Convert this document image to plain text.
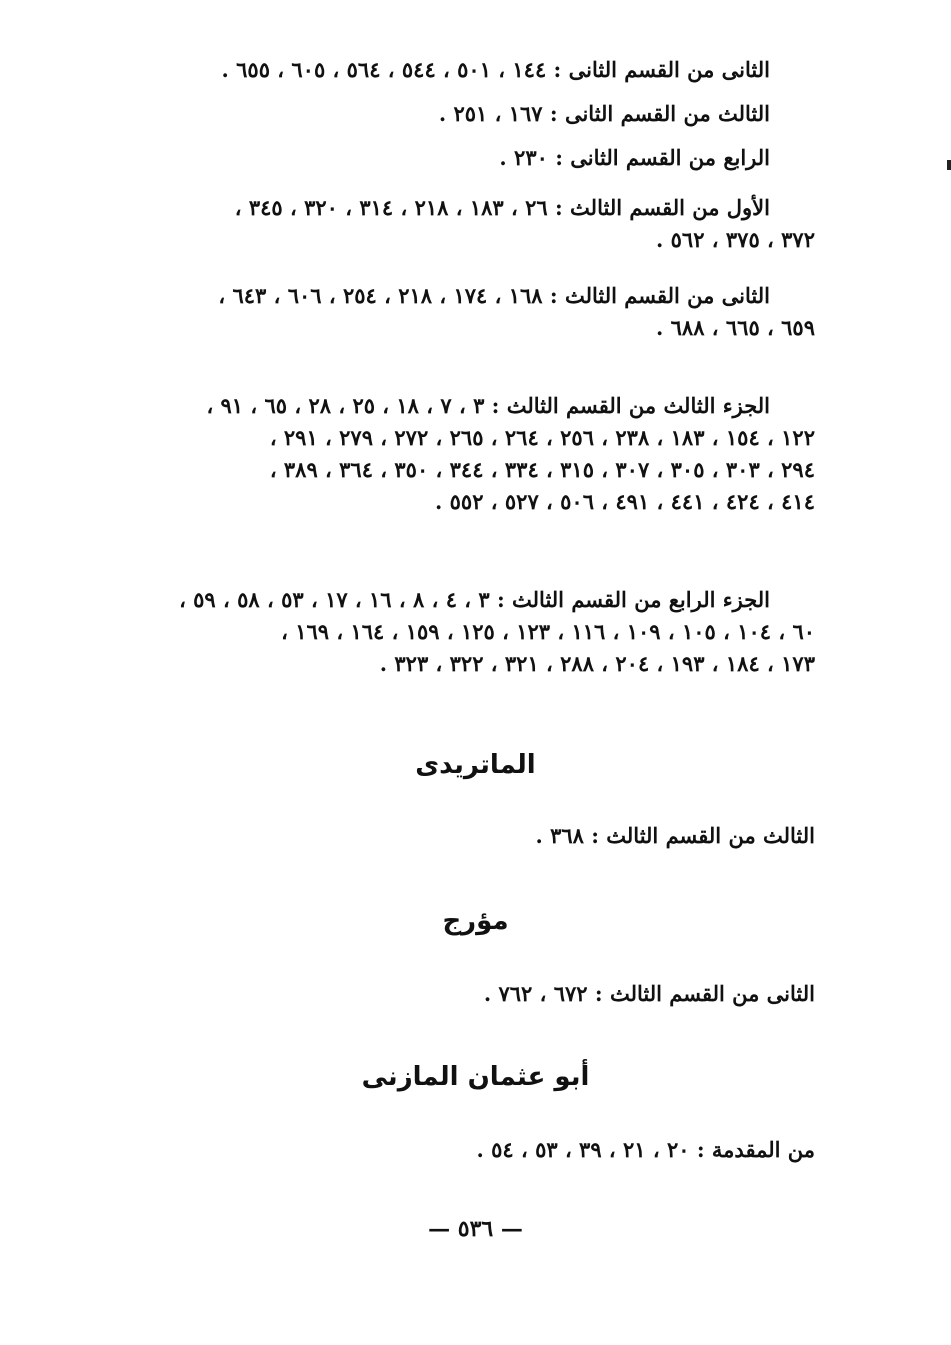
الثانى من القسم الثانى : ١٤٤ ، ٥٠١ ، ٥٤٤ ، ٥٦٤ ، ٦٠٥ ، ٦٥٥ .
الثالث من القسم الثانى : ١٦٧ ، ٢٥١ .
الرابع من القسم الثانى : ٢٣٠ .
الأول من القسم الثالث : ٢٦ ، ١٨٣ ، ٢١٨ ، ٣١٤ ، ٣٢٠ ، ٣٤٥ ،
٣٧٢ ، ٣٧٥ ، ٥٦٢ .
الثانى من القسم الثالث : ١٦٨ ، ١٧٤ ، ٢١٨ ، ٢٥٤ ، ٦٠٦ ، ٦٤٣ ،
٦٥٩ ، ٦٦٥ ، ٦٨٨ .
الجزء الثالث من القسم الثالث : ٣ ، ٧ ، ١٨ ، ٢٥ ، ٢٨ ، ٦٥ ، ٩١ ،
١٢٢ ، ١٥٤ ، ١٨٣ ، ٢٣٨ ، ٢٥٦ ، ٢٦٤ ، ٢٦٥ ، ٢٧٢ ، ٢٧٩ ، ٢٩١ ،
٢٩٤ ، ٣٠٣ ، ٣٠٥ ، ٣٠٧ ، ٣١٥ ، ٣٣٤ ، ٣٤٤ ، ٣٥٠ ، ٣٦٤ ، ٣٨٩ ،
٤١٤ ، ٤٢٤ ، ٤٤١ ، ٤٩١ ، ٥٠٦ ، ٥٢٧ ، ٥٥٢ .
الجزء الرابع من القسم الثالث : ٣ ، ٤ ، ٨ ، ١٦ ، ١٧ ، ٥٣ ، ٥٨ ، ٥٩ ،
٦٠ ، ١٠٤ ، ١٠٥ ، ١٠٩ ، ١١٦ ، ١٢٣ ، ١٢٥ ، ١٥٩ ، ١٦٤ ، ١٦٩ ،
١٧٣ ، ١٨٤ ، ١٩٣ ، ٢٠٤ ، ٢٨٨ ، ٣٢١ ، ٣٢٢ ، ٣٢٣ .
الماتريدى
الثالث من القسم الثالث : ٣٦٨ .
مؤرج
الثانى من القسم الثالث : ٦٧٢ ، ٧٦٢ .
أبو عثمان المازنى
من المقدمة : ٢٠ ، ٢١ ، ٣٩ ، ٥٣ ، ٥٤ .
— ٥٣٦ —
